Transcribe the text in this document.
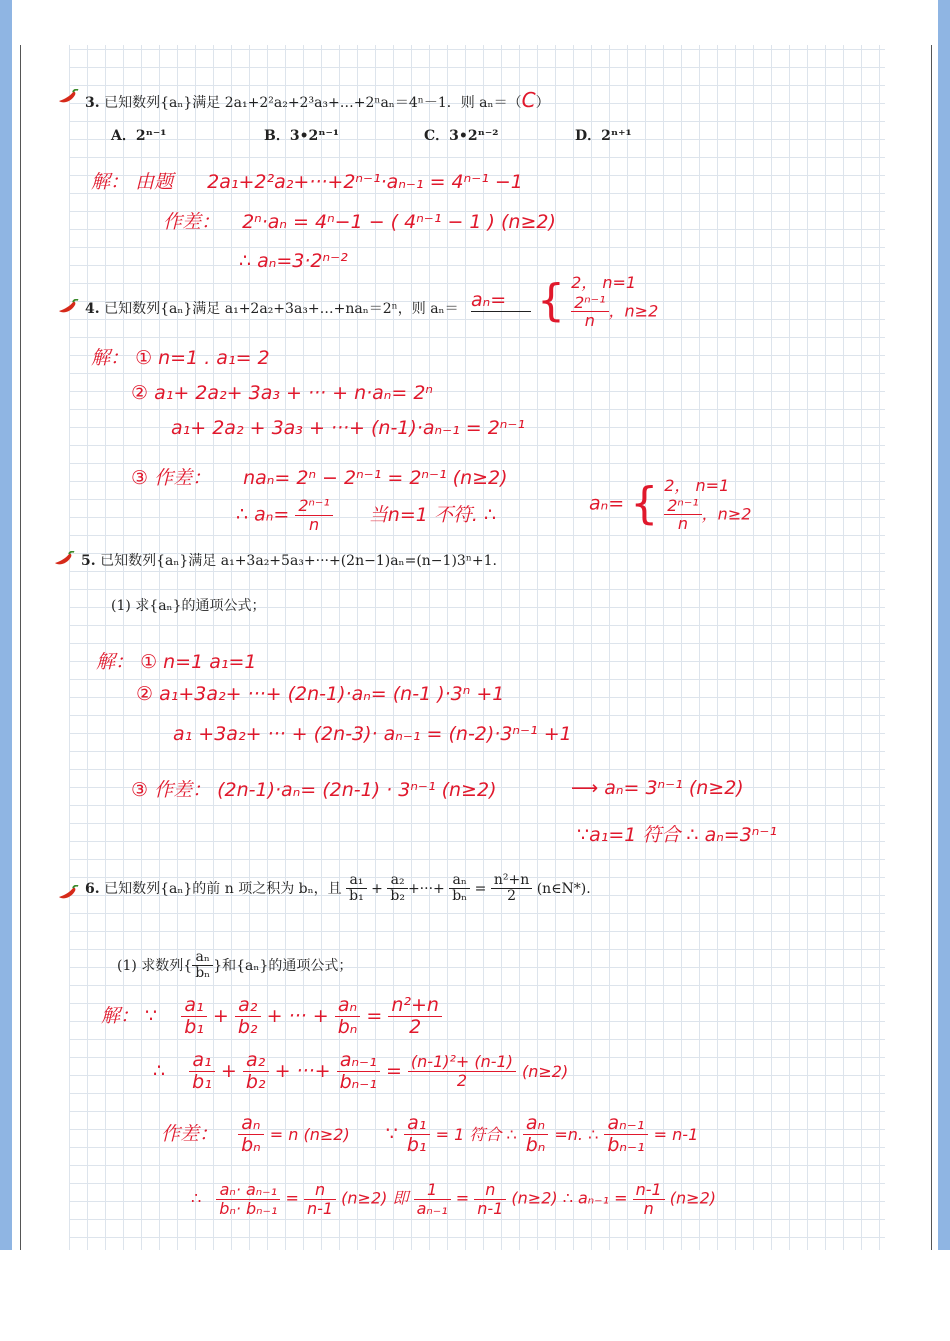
3. 已知数列{aₙ}满足 2a₁+2²a₂+2³a₃+…+2ⁿaₙ＝4ⁿ－1．则 aₙ＝（C）
A．2ⁿ⁻¹	B．3•2ⁿ⁻¹	C．3•2ⁿ⁻²	D．2ⁿ⁺¹
解： 由题 2a₁+2²a₂+···+2ⁿ⁻¹·aₙ₋₁ = 4ⁿ⁻¹ −1
作差： 2ⁿ·aₙ = 4ⁿ−1 − ( 4ⁿ⁻¹ − 1 ) (n≥2)
∴ aₙ=3·2ⁿ⁻²
4. 已知数列{aₙ}满足 a₁+2a₂+3a₃+…+naₙ＝2ⁿ，则 aₙ＝ aₙ= { 2， n=1
$\frac{\text{2ⁿ⁻¹}}{n}$ ，n≥2
解： ① n=1 . a₁= 2
② a₁+ 2a₂+ 3a₃ + ··· + n·aₙ= 2ⁿ
a₁+ 2a₂ + 3a₃ + ···+ (n-1)·aₙ₋₁ = 2ⁿ⁻¹
③ 作差： naₙ= 2ⁿ − 2ⁿ⁻¹ = 2ⁿ⁻¹ (n≥2)
∴ $a_n= \frac{\text{2ⁿ⁻¹}}{n}$ 当n=1 不符. ∴
aₙ= { 2， n=1
$\frac{\text{2ⁿ⁻¹}}{n}$ ，n≥2
5. 已知数列{aₙ}满足 a₁+3a₂+5a₃+···+(2n−1)aₙ=(n−1)3ⁿ+1.
(1) 求{aₙ}的通项公式；
解： ① n=1 a₁=1
② a₁+3a₂+ ···+ (2n-1)·aₙ= (n-1 )·3ⁿ +1
a₁ +3a₂+ ··· + (2n-3)· aₙ₋₁ = (n-2)·3ⁿ⁻¹ +1
③ 作差： (2n-1)·aₙ= (2n-1) · 3ⁿ⁻¹ (n≥2)	⟶ aₙ= 3ⁿ⁻¹ (n≥2)
∵a₁=1 符合 ∴ aₙ=3ⁿ⁻¹
6. 已知数列{aₙ}的前 n 项之积为 bₙ，且 $\frac{\text{a₁}}{\text{b₁}} + \frac{\text{a₂}}{\text{b₂}}$ +···+ $\frac{\text{aₙ}}{\text{bₙ}} = \frac{\text{n²+n}}{2}$ (n∈N*).
(1) 求数列{ $\frac{\text{aₙ}}{\text{bₙ}}$ }和{aₙ}的通项公式；
解： ∵ $\frac{\text{a₁}}{\text{b₁}} + \frac{\text{a₂}}{\text{b₂}}$ + ··· + $\frac{\text{aₙ}}{\text{bₙ}} = \frac{\text{n²+n}}{2}$
∴ $\frac{\text{a₁}}{\text{b₁}} + \frac{\text{a₂}}{\text{b₂}}$ + ···+ $\frac{\text{aₙ₋₁}}{\text{bₙ₋₁}} = \frac{\text{(n-1)²+ (n-1)}}{2} (n\ge 2)$
作差： $\frac{\text{aₙ}}{\text{bₙ}} = n$ (n≥2) ∵ $\frac{\text{a₁}}{\text{b₁}} = 1$ 符合 ∴ $\frac{\text{aₙ}}{\text{bₙ}} =n$. ∴ $\frac{\text{aₙ₋₁}}{\text{bₙ₋₁}} = n-1$
∴ $\frac{\text{aₙ· aₙ₋₁}}{\text{bₙ· bₙ₋₁}} = \frac{n}{n-1} (n\ge 2)$ 即 $\frac{1}{\text{aₙ₋₁}} = \frac{n}{n-1} (n\ge 2)$ ∴ $a_{n-1} = \frac{n-1}{n} (n\ge 2)$
